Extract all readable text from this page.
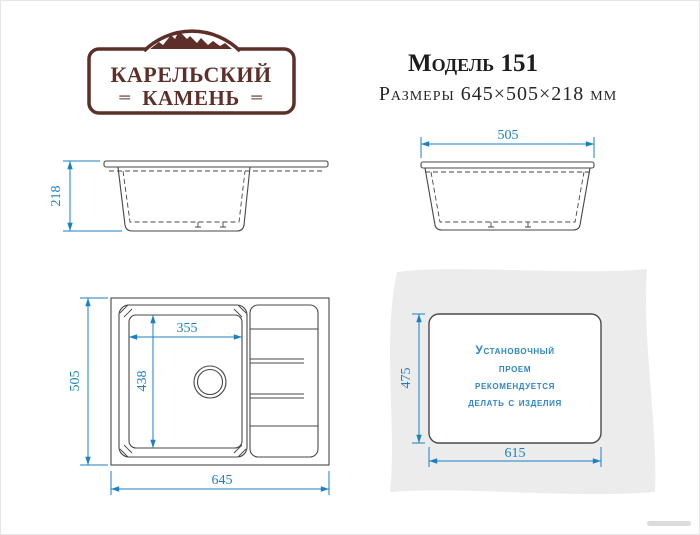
КАРЕЛЬСКИЙ
═ КАМЕНЬ ═
Модель 151
Размеры 645×505×218 мм
218
505
355
438
505
645
Установочный
проем
рекомендуется
делать с изделия
475
615
